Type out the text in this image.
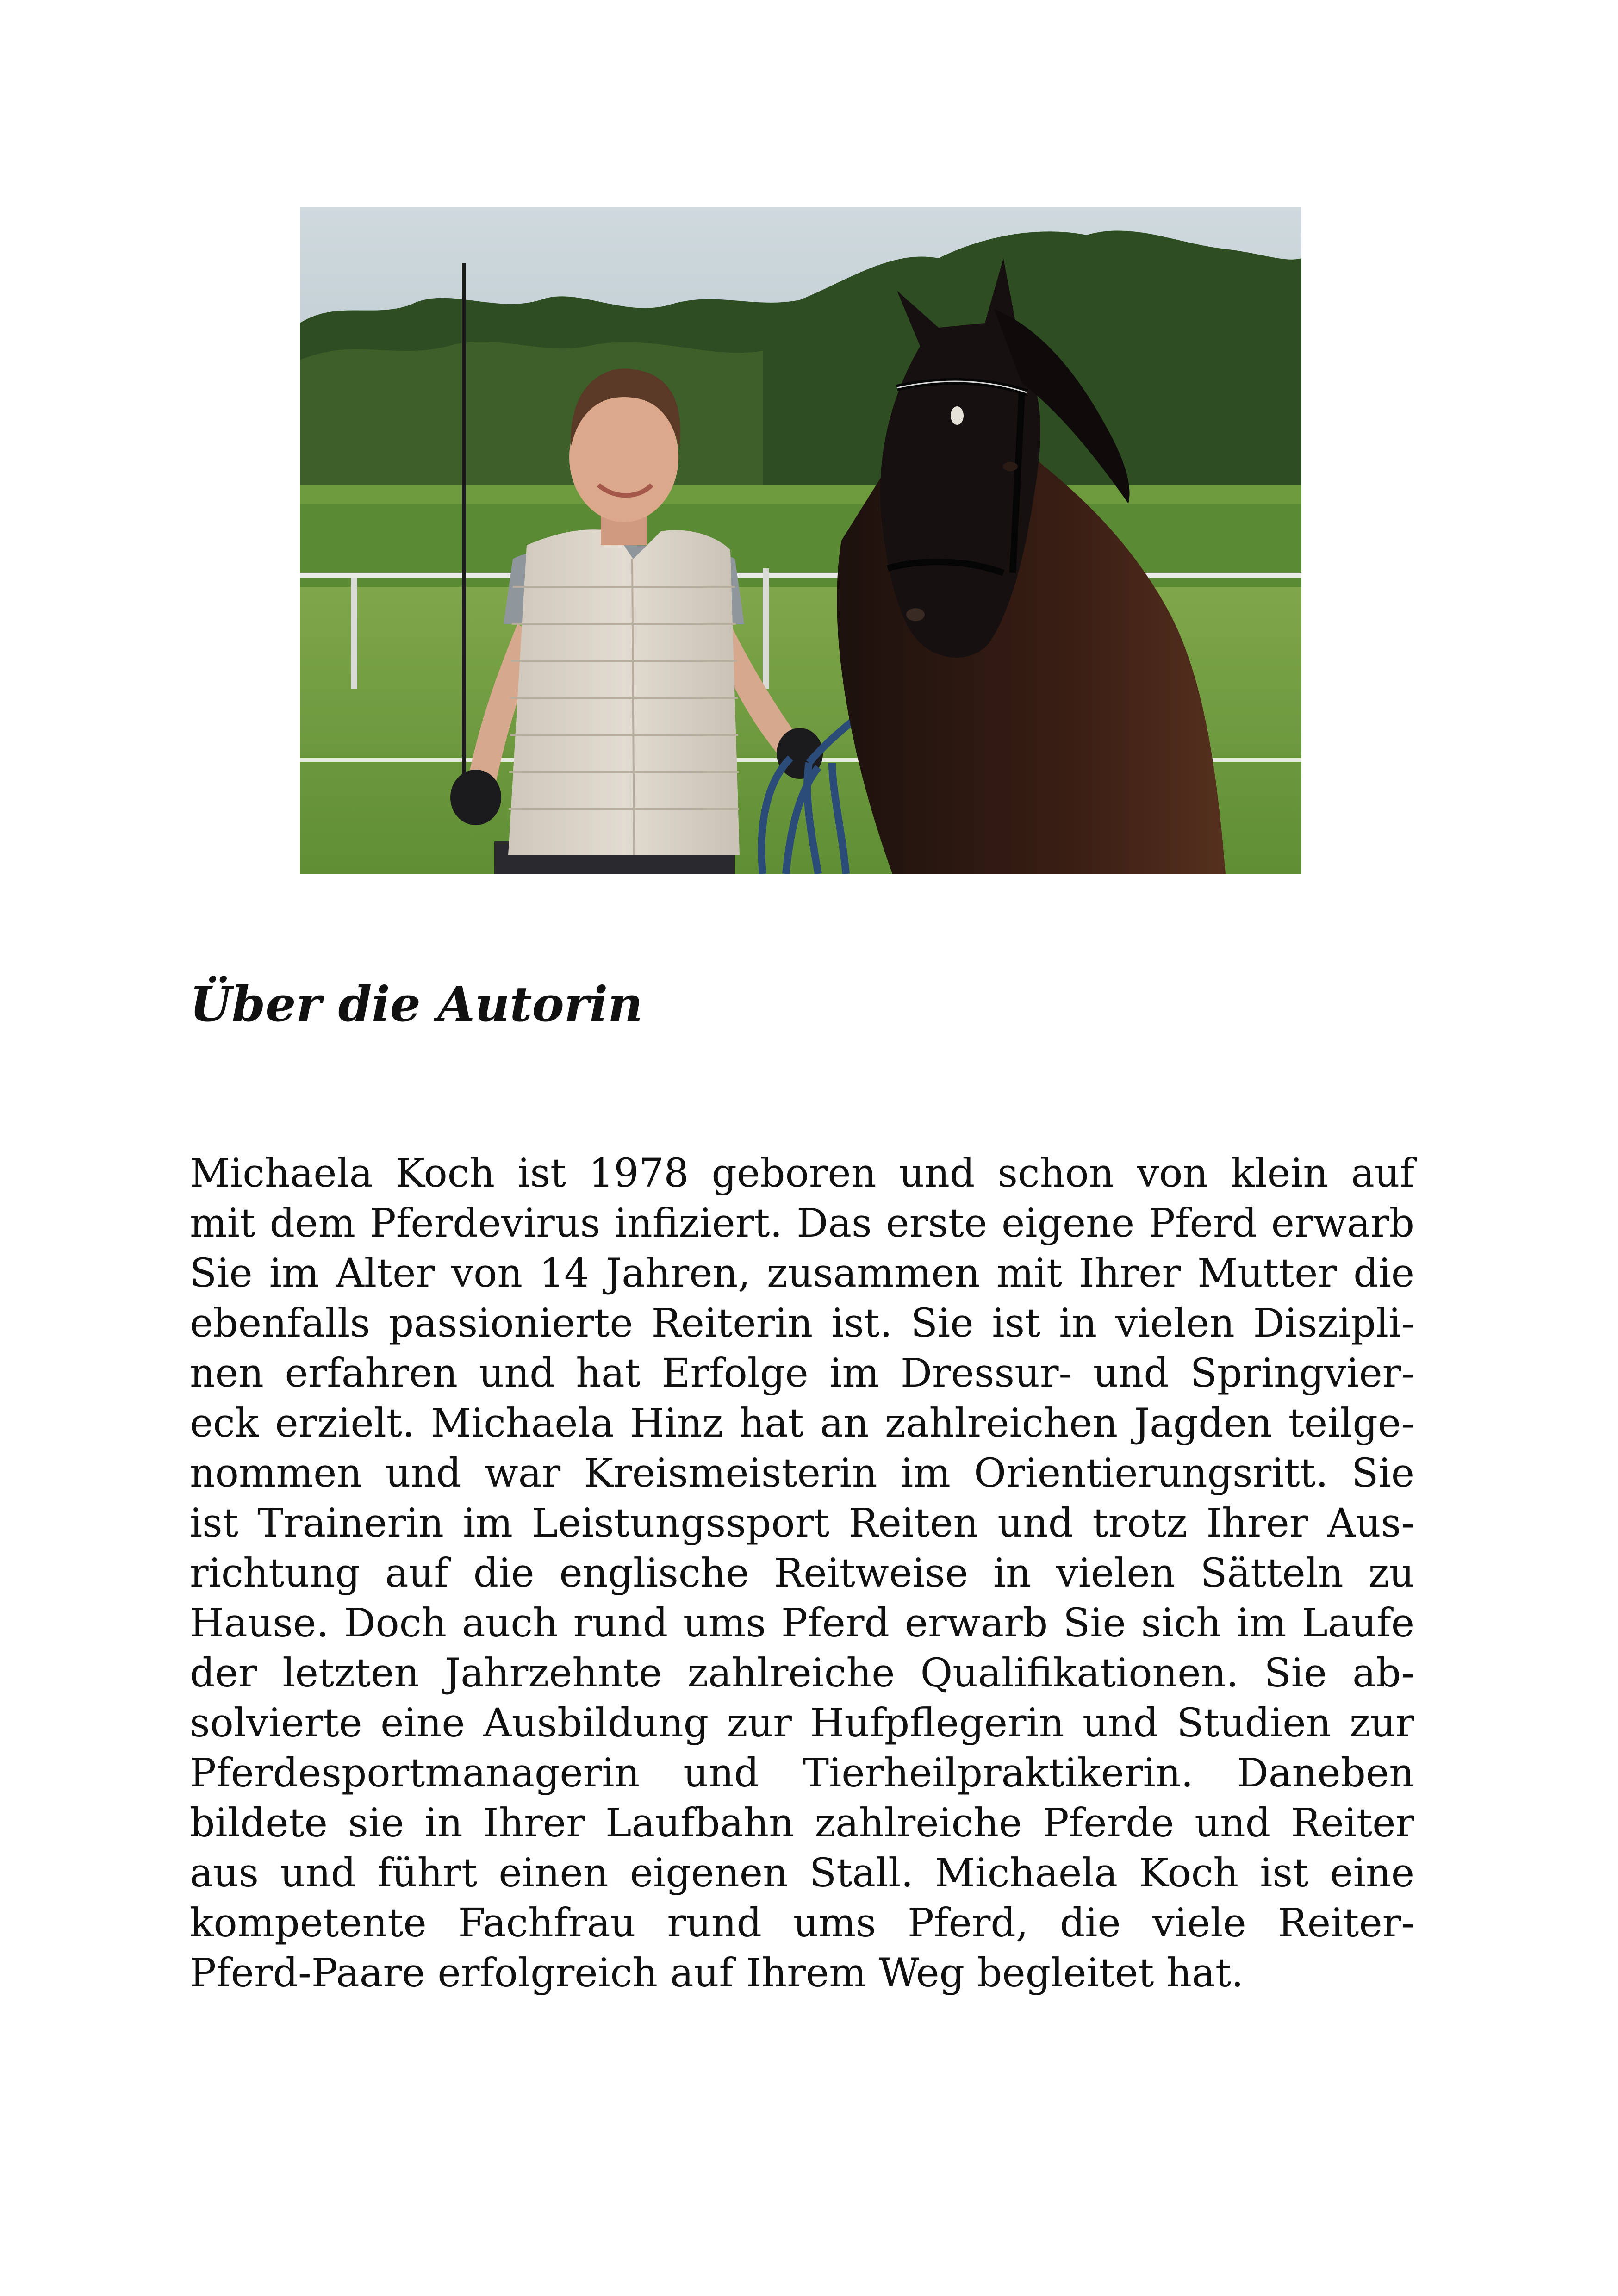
Über die Autorin
Michaela Koch ist 1978 geboren und schon von klein auf
mit dem Pferdevirus infiziert. Das erste eigene Pferd erwarb
Sie im Alter von 14 Jahren, zusammen mit Ihrer Mutter die
ebenfalls passionierte Reiterin ist. Sie ist in vielen Diszipli-
nen erfahren und hat Erfolge im Dressur- und Springvier-
eck erzielt. Michaela Hinz hat an zahlreichen Jagden teilge-
nommen und war Kreismeisterin im Orientierungsritt. Sie
ist Trainerin im Leistungssport Reiten und trotz Ihrer Aus-
richtung auf die englische Reitweise in vielen Sätteln zu
Hause. Doch auch rund ums Pferd erwarb Sie sich im Laufe
der letzten Jahrzehnte zahlreiche Qualifikationen. Sie ab-
solvierte eine Ausbildung zur Hufpflegerin und Studien zur
Pferdesportmanagerin und Tierheilpraktikerin. Daneben
bildete sie in Ihrer Laufbahn zahlreiche Pferde und Reiter
aus und führt einen eigenen Stall. Michaela Koch ist eine
kompetente Fachfrau rund ums Pferd, die viele Reiter-
Pferd-Paare erfolgreich auf Ihrem Weg begleitet hat.
